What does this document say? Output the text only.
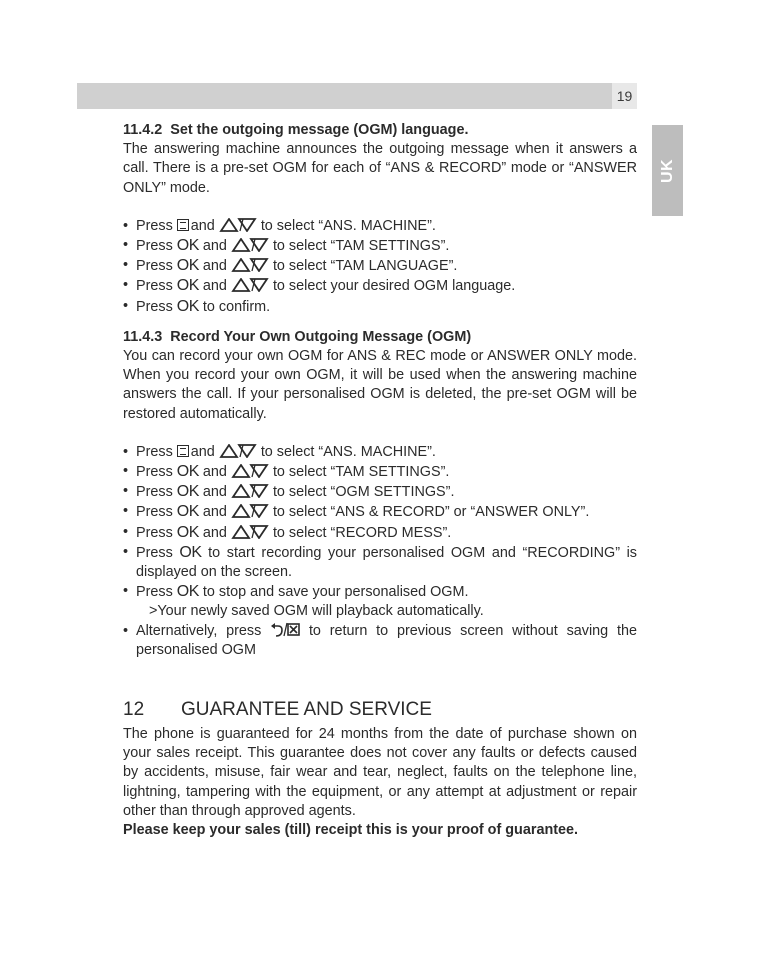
19
UK
11.4.2 Set the outgoing message (OGM) language.

The answering machine announces the outgoing message when it answers a call. There is a pre-set OGM for each of “ANS & RECORD” mode or “ANSWER ONLY” mode.

• Press and	to select “ANS. MACHINE”.
• Press OK and	to select “TAM SETTINGS”.
• Press OK and	to select “TAM LANGUAGE”.
• Press OK and	to select your desired OGM language.
• Press OK to confirm.
11.4.3 Record Your Own Outgoing Message (OGM)

You can record your own OGM for ANS & REC mode or ANSWER ONLY mode. When you record your own OGM, it will be used when the answering machine answers the call. If your personalised OGM is deleted, the pre-set OGM will be restored automatically.

• Press and	to select “ANS. MACHINE”.
• Press OK and	to select “TAM SETTINGS”.
• Press OK and	to select “OGM SETTINGS”.
• Press OK and	to select “ANS & RECORD” or “ANSWER ONLY”.
• Press OK and	to select “RECORD MESS”.
• Press OK to start recording your personalised OGM and “RECORDING” is displayed on the screen.
• Press OK to stop and save your personalised OGM.
>Your newly saved OGM will playback automatically.
• Alternatively, press	to return to previous screen without saving the personalised OGM
12 GUARANTEE AND SERVICE

The phone is guaranteed for 24 months from the date of purchase shown on your sales receipt. This guarantee does not cover any faults or defects caused by accidents, misuse, fair wear and tear, neglect, faults on the telephone line, lightning, tampering with the equipment, or any attempt at adjustment or repair other than through approved agents.

Please keep your sales (till) receipt this is your proof of guarantee.
